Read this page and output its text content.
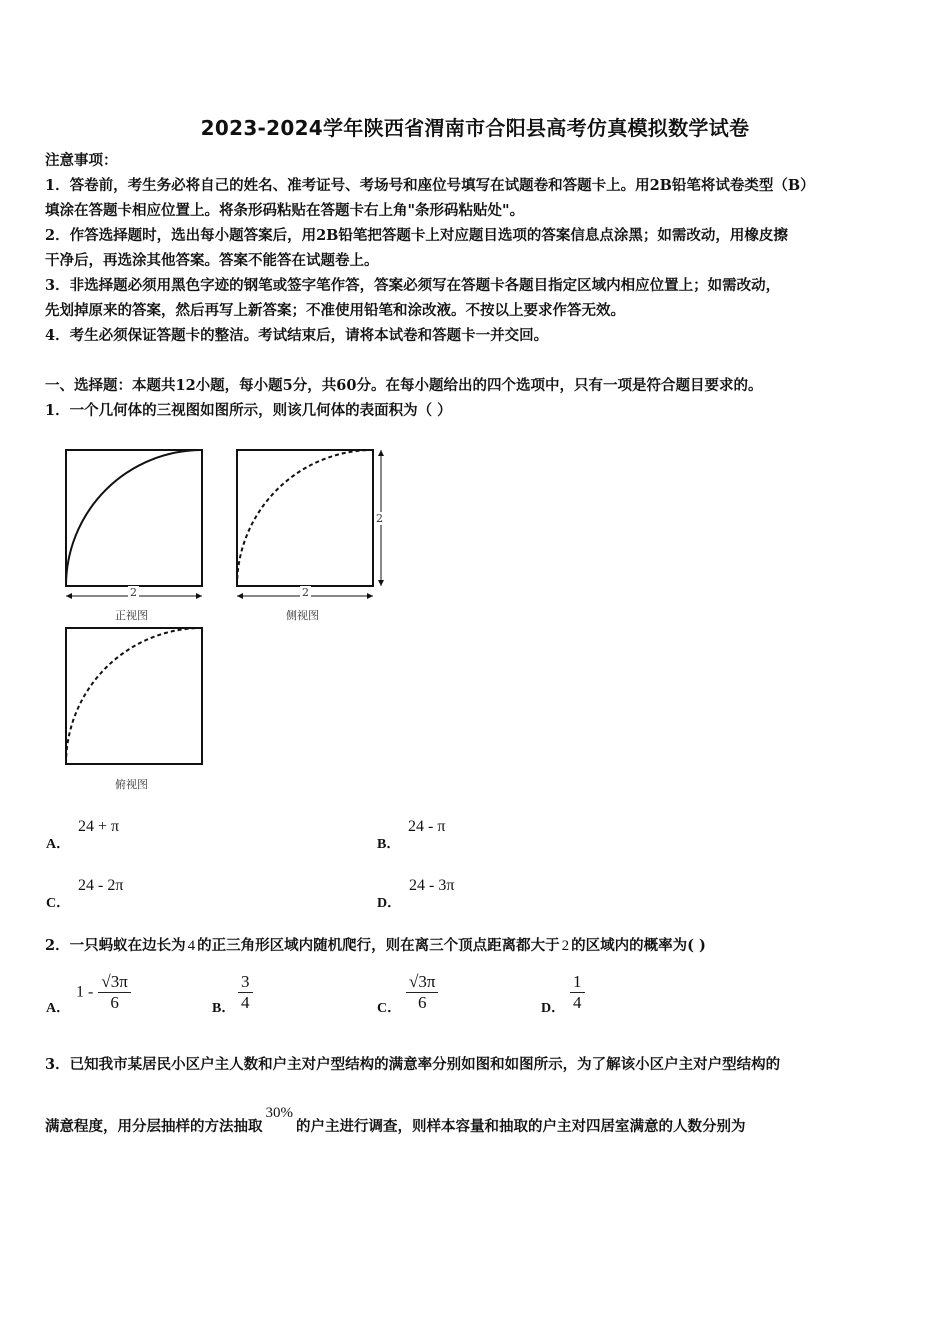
2023-2024学年陕西省渭南市合阳县高考仿真模拟数学试卷
注意事项：
1．答卷前，考生务必将自己的姓名、准考证号、考场号和座位号填写在试题卷和答题卡上。用2B铅笔将试卷类型（B）
填涂在答题卡相应位置上。将条形码粘贴在答题卡右上角"条形码粘贴处"。
2．作答选择题时，选出每小题答案后，用2B铅笔把答题卡上对应题目选项的答案信息点涂黑；如需改动，用橡皮擦
干净后，再选涂其他答案。答案不能答在试题卷上。
3．非选择题必须用黑色字迹的钢笔或签字笔作答，答案必须写在答题卡各题目指定区域内相应位置上；如需改动，
先划掉原来的答案，然后再写上新答案；不准使用铅笔和涂改液。不按以上要求作答无效。
4．考生必须保证答题卡的整洁。考试结束后，请将本试卷和答题卡一并交回。
一、选择题：本题共12小题，每小题5分，共60分。在每小题给出的四个选项中，只有一项是符合题目要求的。
1．一个几何体的三视图如图所示，则该几何体的表面积为（ ）
2
正视图
2
2
侧视图
俯视图
A．
24 + π
B．
24 - π
C．
24 - 2π
D．
24 - 3π
2．一只蚂蚁在边长为 4 的正三角形区域内随机爬行，则在离三个顶点距离都大于 2 的区域内的概率为( )
A．
$1 - \frac{√3\pi}{6}$	B． $\frac{3}{4}$	C． $\frac{√3\pi}{6}$	D． $\frac{1}{4}$
3．已知我市某居民小区户主人数和户主对户型结构的满意率分别如图和如图所示，为了解该小区户主对户型结构的
满意程度，用分层抽样的方法抽取30%的户主进行调查，则样本容量和抽取的户主对四居室满意的人数分别为
